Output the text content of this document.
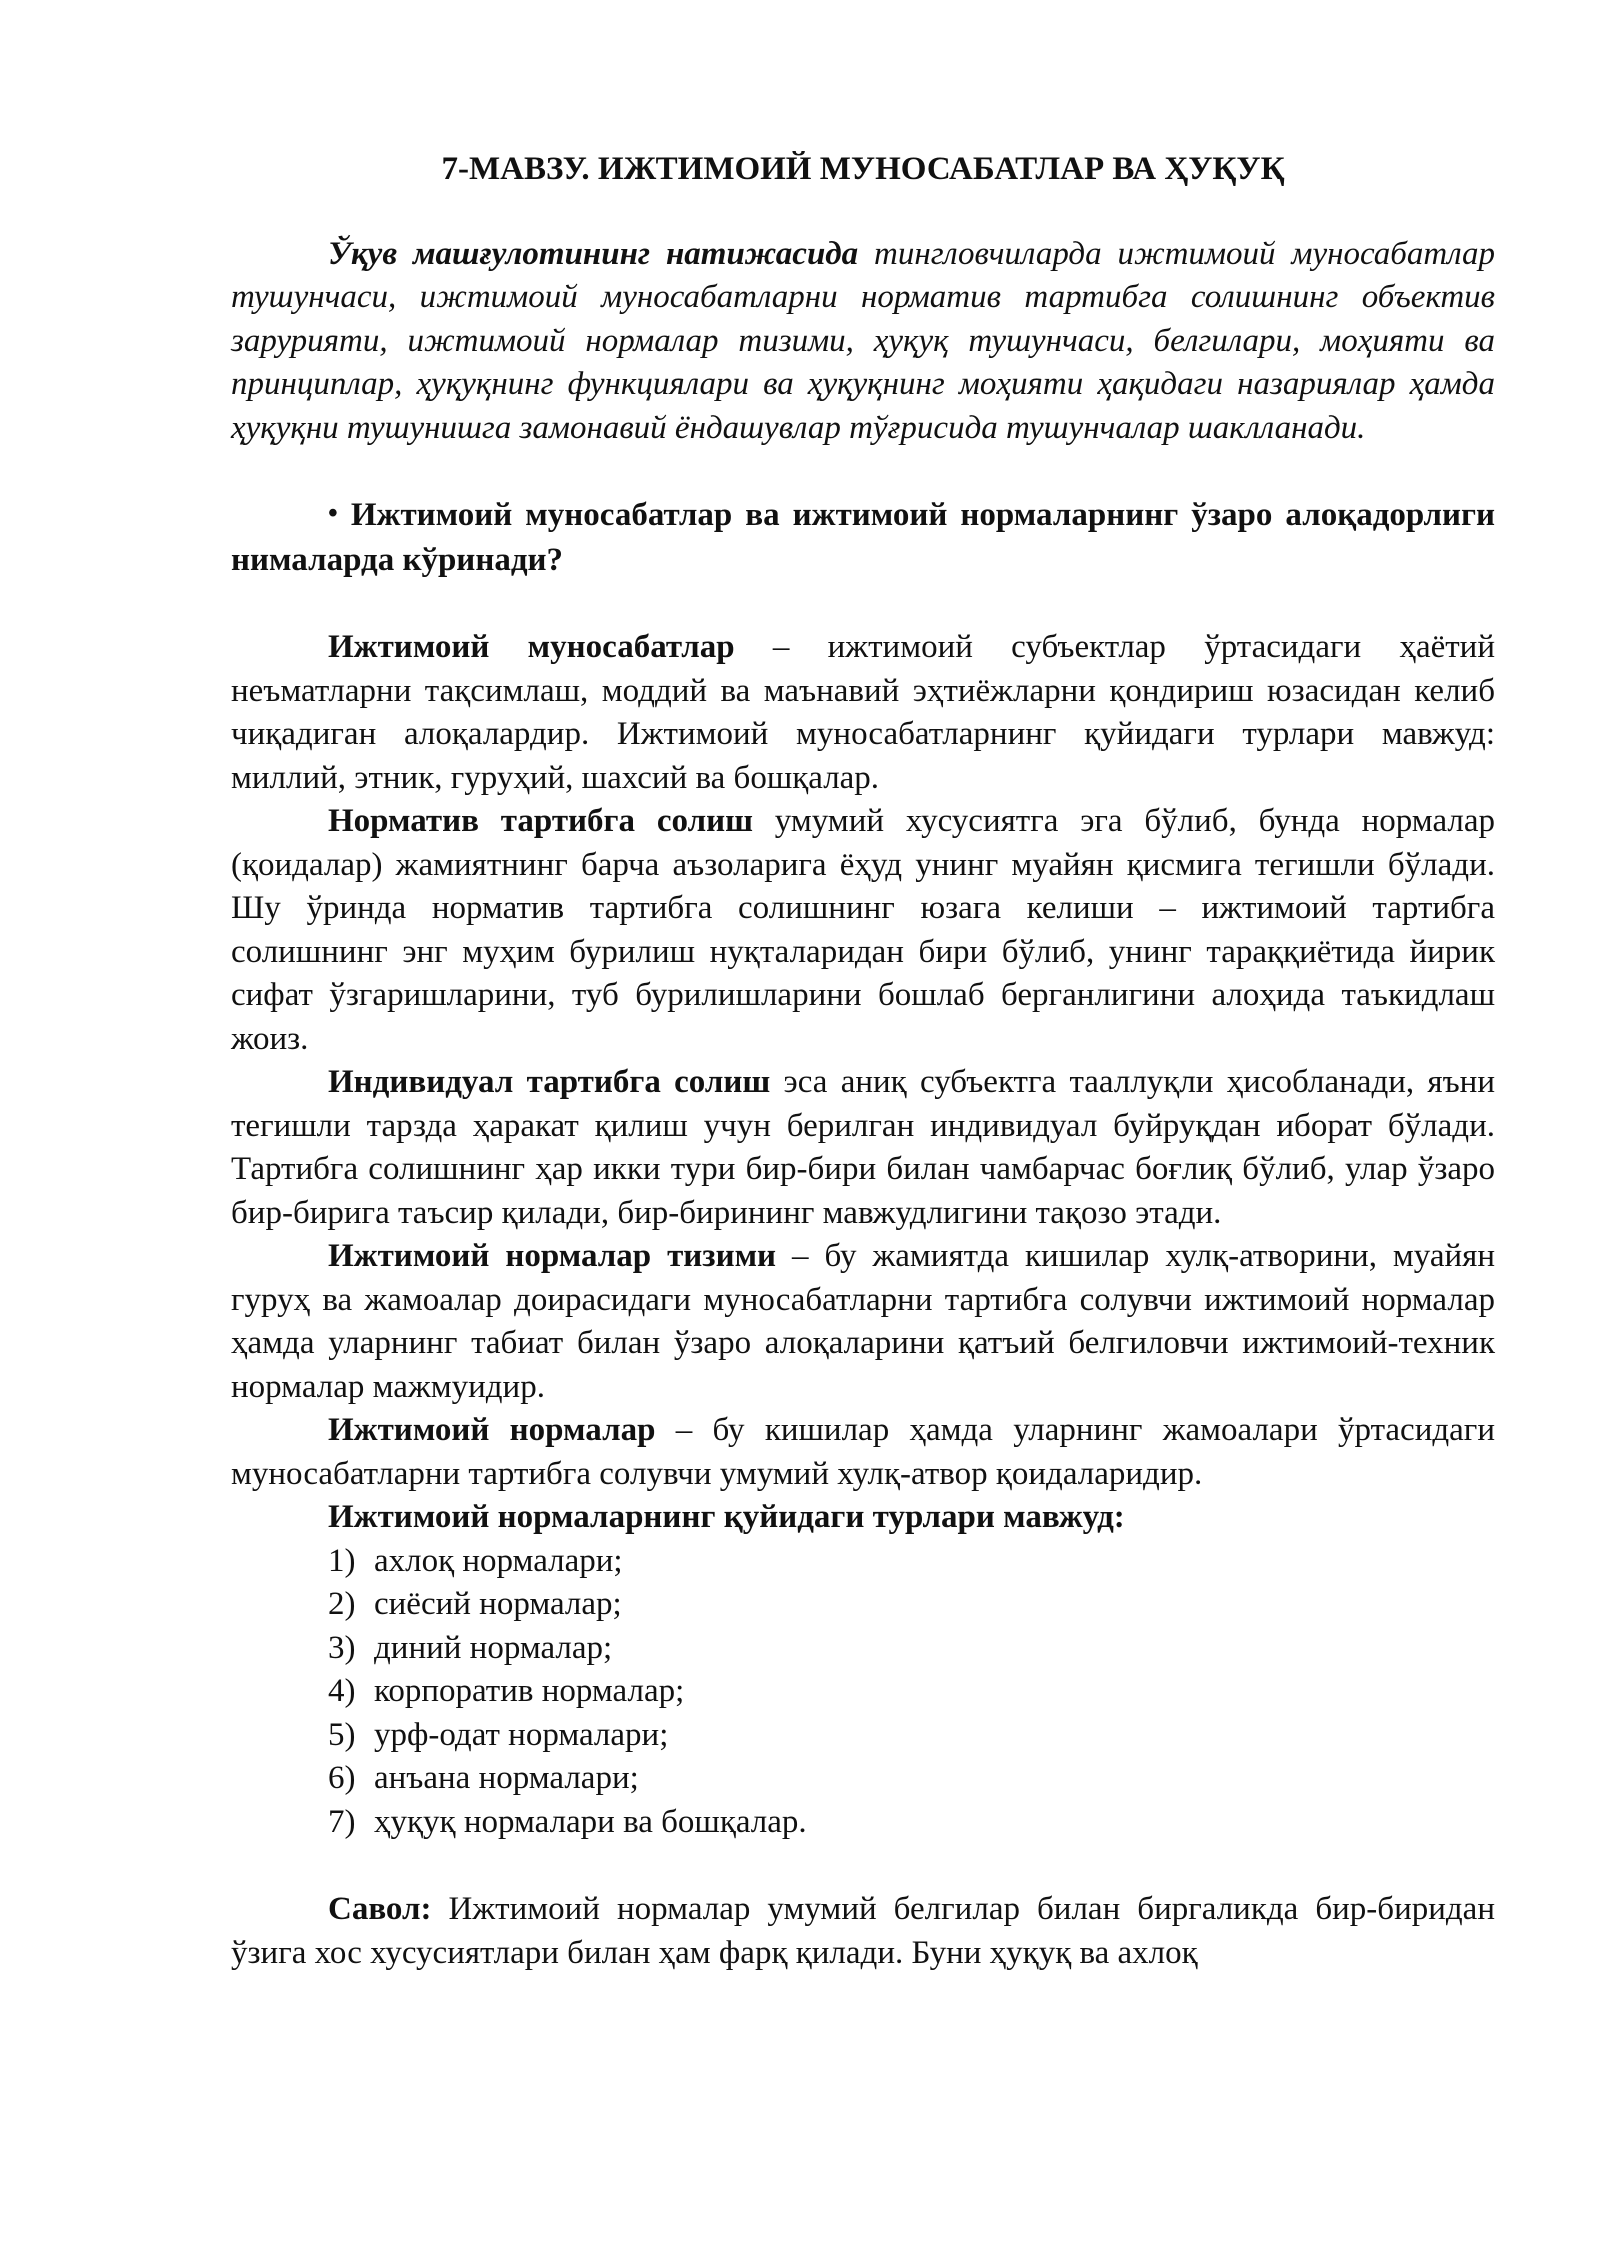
7-МАВЗУ. ИЖТИМОИЙ МУНОСАБАТЛАР ВА ҲУҚУҚ

Ўқув машғулотининг натижасида тингловчиларда ижтимоий муносабатлар тушунчаси, ижтимоий муносабатларни норматив тартибга солишнинг объектив зарурияти, ижтимоий нормалар тизими, ҳуқуқ тушунчаси, белгилари, моҳияти ва принциплар, ҳуқуқнинг функциялари ва ҳуқуқнинг моҳияти ҳақидаги назариялар ҳамда ҳуқуқни тушунишга замонавий ёндашувлар тўғрисида тушунчалар шаклланади.

• Ижтимоий муносабатлар ва ижтимоий нормаларнинг ўзаро алоқадорлиги нималарда кўринади?

Ижтимоий муносабатлар – ижтимоий субъектлар ўртасидаги ҳаётий неъматларни тақсимлаш, моддий ва маънавий эҳтиёжларни қондириш юзасидан келиб чиқадиган алоқалардир. Ижтимоий муносабатларнинг қуйидаги турлари мавжуд: миллий, этник, гуруҳий, шахсий ва бошқалар.

Норматив тартибга солиш умумий хусусиятга эга бўлиб, бунда нормалар (қоидалар) жамиятнинг барча аъзоларига ёҳуд унинг муайян қисмига тегишли бўлади. Шу ўринда норматив тартибга солишнинг юзага келиши – ижтимоий тартибга солишнинг энг муҳим бурилиш нуқталаридан бири бўлиб, унинг тараққиётида йирик сифат ўзгаришларини, туб бурилишларини бошлаб берганлигини алоҳида таъкидлаш жоиз.

Индивидуал тартибга солиш эса аниқ субъектга тааллуқли ҳисобланади, яъни тегишли тарзда ҳаракат қилиш учун берилган индивидуал буйруқдан иборат бўлади. Тартибга солишнинг ҳар икки тури бир-бири билан чамбарчас боғлиқ бўлиб, улар ўзаро бир-бирига таъсир қилади, бир-бирининг мавжудлигини тақозо этади.

Ижтимоий нормалар тизими – бу жамиятда кишилар хулқ-атворини, муайян гуруҳ ва жамоалар доирасидаги муносабатларни тартибга солувчи ижтимоий нормалар ҳамда уларнинг табиат билан ўзаро алоқаларини қатъий белгиловчи ижтимоий-техник нормалар мажмуидир.

Ижтимоий нормалар – бу кишилар ҳамда уларнинг жамоалари ўртасидаги муносабатларни тартибга солувчи умумий хулқ-атвор қоидаларидир.

Ижтимоий нормаларнинг қуйидаги турлари мавжуд:
1) ахлоқ нормалари;
2) сиёсий нормалар;
3) диний нормалар;
4) корпоратив нормалар;
5) урф-одат нормалари;
6) анъана нормалари;
7) ҳуқуқ нормалари ва бошқалар.

Савол: Ижтимоий нормалар умумий белгилар билан биргаликда бир-биридан ўзига хос хусусиятлари билан ҳам фарқ қилади. Буни ҳуқуқ ва ахлоқ
